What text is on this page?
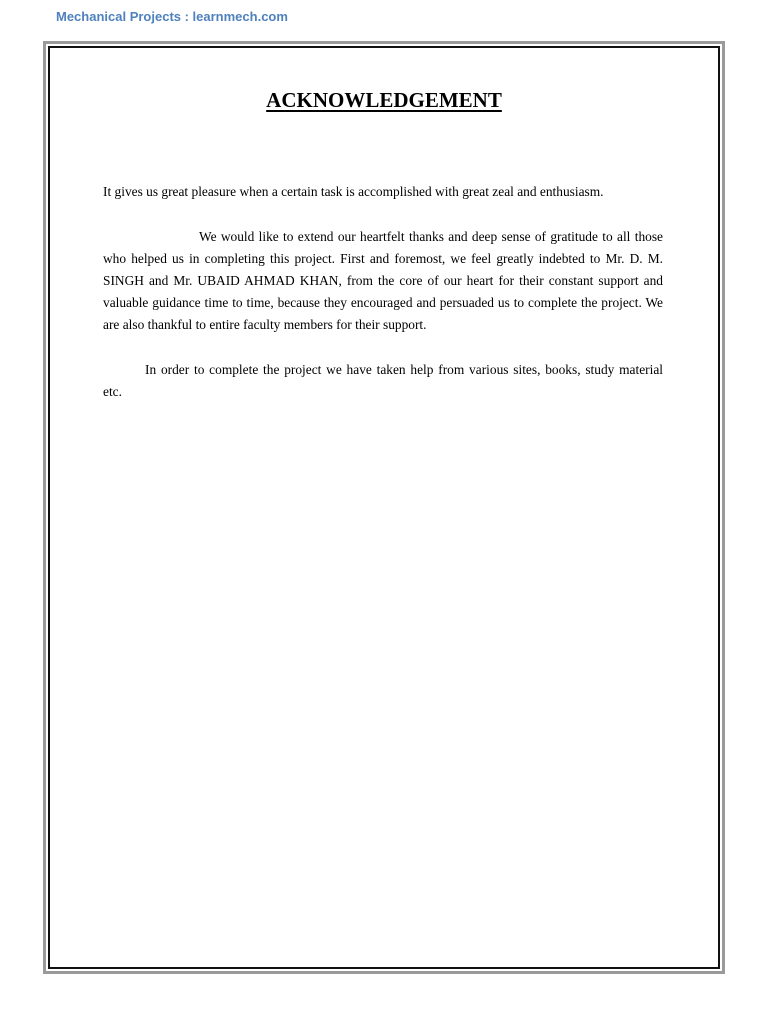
Mechanical Projects : learnmech.com
ACKNOWLEDGEMENT
It gives us great pleasure when a certain task is accomplished with great zeal and enthusiasm.
We would like to extend our heartfelt thanks and deep sense of gratitude to all those who helped us in completing this project. First and foremost, we feel greatly indebted to Mr. D. M. SINGH and Mr. UBAID AHMAD KHAN, from the core of our heart for their constant support and valuable guidance time to time, because they encouraged and persuaded us to complete the project. We are also thankful to entire faculty members for their support.
In order to complete the project we have taken help from various sites, books, study material etc.
